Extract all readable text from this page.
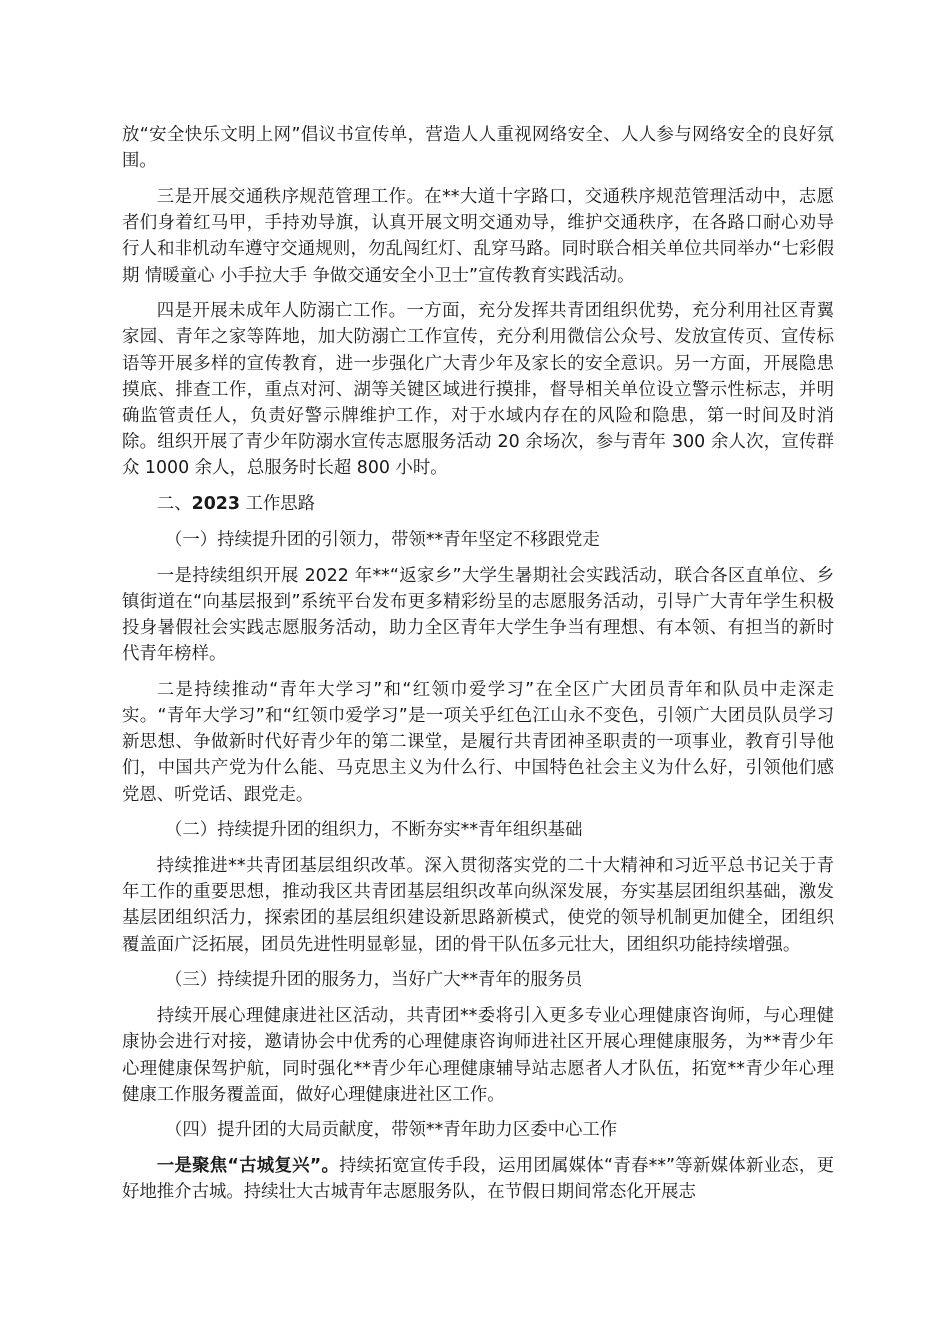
放“安全快乐文明上网”倡议书宣传单，营造人人重视网络安全、人人参与网络安全的良好氛围。

三是开展交通秩序规范管理工作。在**大道十字路口，交通秩序规范管理活动中，志愿者们身着红马甲，手持劝导旗，认真开展文明交通劝导，维护交通秩序，在各路口耐心劝导行人和非机动车遵守交通规则，勿乱闯红灯、乱穿马路。同时联合相关单位共同举办“七彩假期 情暖童心 小手拉大手 争做交通安全小卫士”宣传教育实践活动。

四是开展未成年人防溺亡工作。一方面，充分发挥共青团组织优势，充分利用社区青翼家园、青年之家等阵地，加大防溺亡工作宣传，充分利用微信公众号、发放宣传页、宣传标语等开展多样的宣传教育，进一步强化广大青少年及家长的安全意识。另一方面，开展隐患摸底、排查工作，重点对河、湖等关键区域进行摸排，督导相关单位设立警示性标志，并明确监管责任人，负责好警示牌维护工作，对于水域内存在的风险和隐患，第一时间及时消除。组织开展了青少年防溺水宣传志愿服务活动 20 余场次，参与青年 300 余人次，宣传群众 1000 余人，总服务时长超 800 小时。

二、2023 工作思路

（一）持续提升团的引领力，带领**青年坚定不移跟党走

一是持续组织开展 2022 年**“返家乡”大学生暑期社会实践活动，联合各区直单位、乡镇街道在“向基层报到”系统平台发布更多精彩纷呈的志愿服务活动，引导广大青年学生积极投身暑假社会实践志愿服务活动，助力全区青年大学生争当有理想、有本领、有担当的新时代青年榜样。

二是持续推动“青年大学习”和“红领巾爱学习”在全区广大团员青年和队员中走深走实。“青年大学习”和“红领巾爱学习”是一项关乎红色江山永不变色，引领广大团员队员学习新思想、争做新时代好青少年的第二课堂，是履行共青团神圣职责的一项事业，教育引导他们，中国共产党为什么能、马克思主义为什么行、中国特色社会主义为什么好，引领他们感党恩、听党话、跟党走。

（二）持续提升团的组织力，不断夯实**青年组织基础

持续推进**共青团基层组织改革。深入贯彻落实党的二十大精神和习近平总书记关于青年工作的重要思想，推动我区共青团基层组织改革向纵深发展，夯实基层团组织基础，激发基层团组织活力，探索团的基层组织建设新思路新模式，使党的领导机制更加健全，团组织覆盖面广泛拓展，团员先进性明显彰显，团的骨干队伍多元壮大，团组织功能持续增强。

（三）持续提升团的服务力，当好广大**青年的服务员

持续开展心理健康进社区活动，共青团**委将引入更多专业心理健康咨询师，与心理健康协会进行对接，邀请协会中优秀的心理健康咨询师进社区开展心理健康服务，为**青少年心理健康保驾护航，同时强化**青少年心理健康辅导站志愿者人才队伍，拓宽**青少年心理健康工作服务覆盖面，做好心理健康进社区工作。

（四）提升团的大局贡献度，带领**青年助力区委中心工作

一是聚焦“古城复兴”。持续拓宽宣传手段，运用团属媒体“青春**”等新媒体新业态，更好地推介古城。持续壮大古城青年志愿服务队，在节假日期间常态化开展志
